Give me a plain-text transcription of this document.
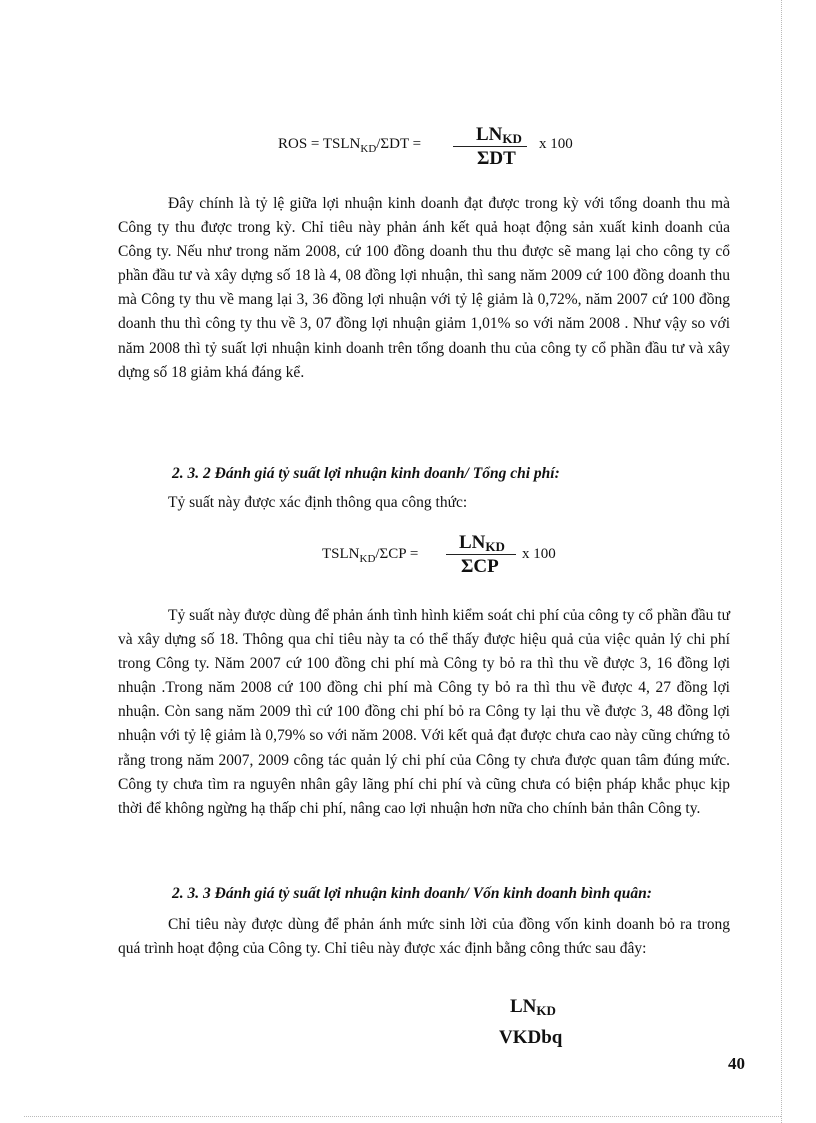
ROS = $TSLN_{KD}$/ΣDT =	LNKD
ΣDT
x 100

Đây chính là tỷ lệ giữa lợi nhuận kinh doanh đạt được trong kỳ với tổng doanh thu mà Công ty thu được trong kỳ. Chỉ tiêu này phản ánh kết quả hoạt động sản xuất kinh doanh của Công ty. Nếu như trong năm 2008, cứ 100 đồng doanh thu thu được sẽ mang lại cho công ty cổ phần đầu tư và xây dựng số 18 là 4, 08 đồng lợi nhuận, thì sang năm 2009 cứ 100 đồng doanh thu mà Công ty thu về mang lại 3, 36 đồng lợi nhuận với tỷ lệ giảm là 0,72%, năm 2007 cứ 100 đồng doanh thu thì công ty thu về 3, 07 đồng lợi nhuận giảm 1,01% so với năm 2008 . Như vậy so với năm 2008 thì tỷ suất lợi nhuận kinh doanh trên tổng doanh thu của công ty cổ phần đầu tư và xây dựng số 18 giảm khá đáng kể.

2. 3. 2 Đánh giá tỷ suất lợi nhuận kinh doanh/ Tổng chi phí:
Tỷ suất này được xác định thông qua công thức:
$TSLN_{KD}$/ΣCP =
LNKD
ΣCP
x 100

Tỷ suất này được dùng để phản ánh tình hình kiểm soát chi phí của công ty cổ phần đầu tư và xây dựng số 18. Thông qua chỉ tiêu này ta có thể thấy được hiệu quả của việc quản lý chi phí trong Công ty. Năm 2007 cứ 100 đồng chi phí mà Công ty bỏ ra thì thu về được 3, 16 đồng lợi nhuận .Trong năm 2008 cứ 100 đồng chi phí mà Công ty bỏ ra thì thu về được 4, 27 đồng lợi nhuận. Còn sang năm 2009 thì cứ 100 đồng chi phí bỏ ra Công ty lại thu về được 3, 48 đồng lợi nhuận với tỷ lệ giảm là 0,79% so với năm 2008. Với kết quả đạt được chưa cao này cũng chứng tỏ rằng trong năm 2007, 2009 công tác quản lý chi phí của Công ty chưa được quan tâm đúng mức. Công ty chưa tìm ra nguyên nhân gây lãng phí chi phí và cũng chưa có biện pháp khắc phục kịp thời để không ngừng hạ thấp chi phí, nâng cao lợi nhuận hơn nữa cho chính bản thân Công ty.

2. 3. 3 Đánh giá tỷ suất lợi nhuận kinh doanh/ Vốn kinh doanh bình quân:

Chỉ tiêu này được dùng để phản ánh mức sinh lời của đồng vốn kinh doanh bỏ ra trong quá trình hoạt động của Công ty. Chỉ tiêu này được xác định bằng công thức sau đây:

LNKD
VKDbq
40
